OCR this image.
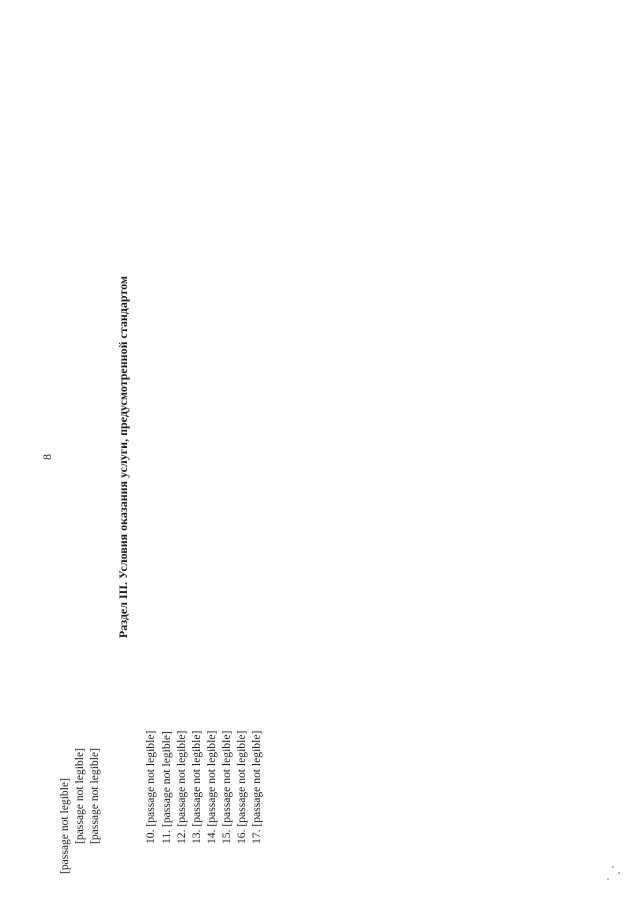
8

[passage not legible] [passage not legible] [passage not legible]

Раздел III. Условия оказания услуги, предусмотренной стандартом

10. [passage not legible] 11. [passage not legible] 12. [passage not legible] 13. [passage not legible] 14. [passage not legible] 15. [passage not legible] 16. [passage not legible] 17. [passage not legible]
